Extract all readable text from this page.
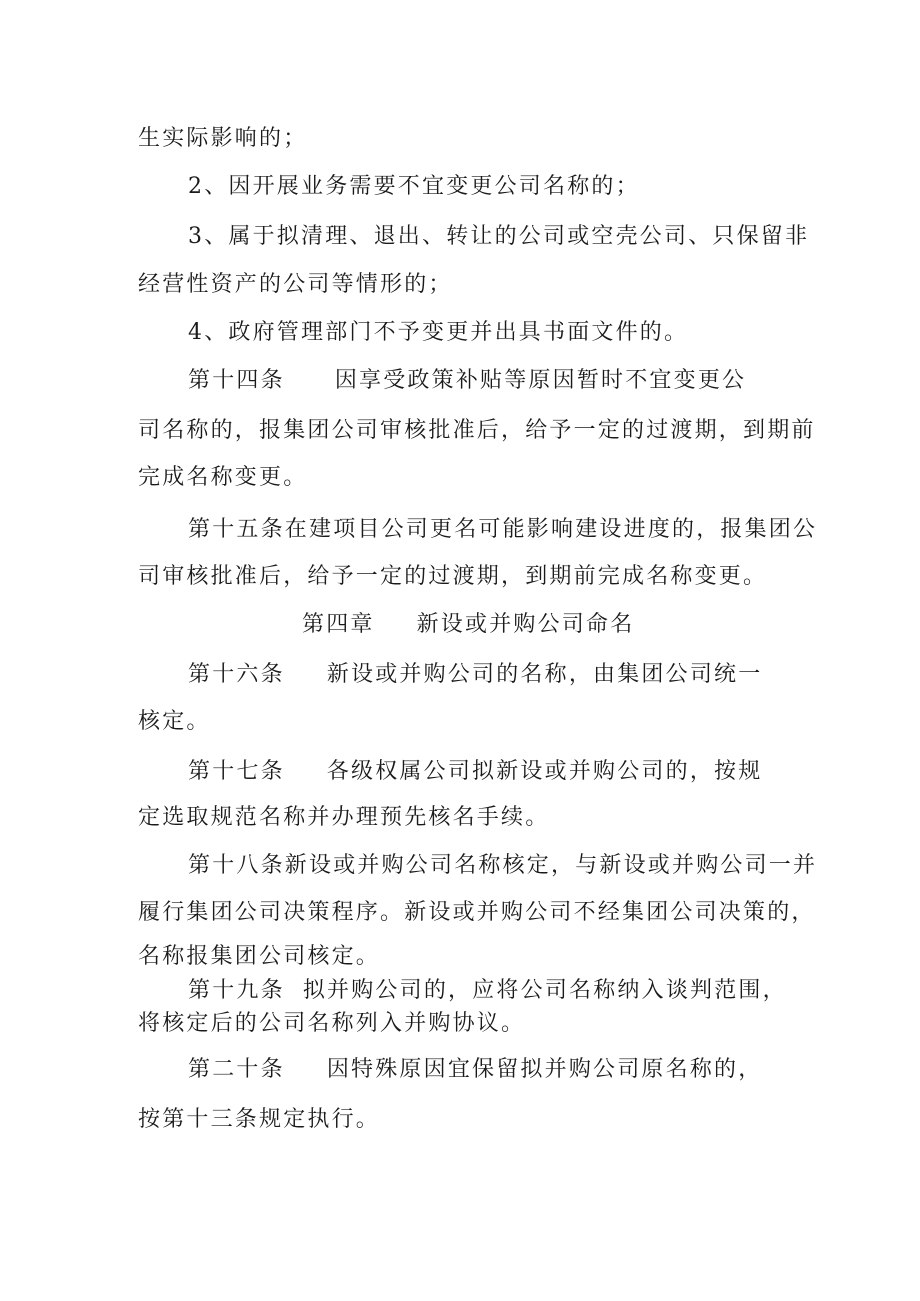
生实际影响的；
2、因开展业务需要不宜变更公司名称的；
3、属于拟清理、退出、转让的公司或空壳公司、只保留非
经营性资产的公司等情形的；
4、政府管理部门不予变更并出具书面文件的。
第十四条 因享受政策补贴等原因暂时不宜变更公
司名称的，报集团公司审核批准后，给予一定的过渡期，到期前
完成名称变更。
第十五条在建项目公司更名可能影响建设进度的，报集团公
司审核批准后，给予一定的过渡期，到期前完成名称变更。
第四章 新设或并购公司命名
第十六条 新设或并购公司的名称，由集团公司统一
核定。
第十七条 各级权属公司拟新设或并购公司的，按规
定选取规范名称并办理预先核名手续。
第十八条新设或并购公司名称核定，与新设或并购公司一并
履行集团公司决策程序。新设或并购公司不经集团公司决策的，
名称报集团公司核定。
第十九条 拟并购公司的，应将公司名称纳入谈判范围，
将核定后的公司名称列入并购协议。
第二十条 因特殊原因宜保留拟并购公司原名称的，
按第十三条规定执行。
